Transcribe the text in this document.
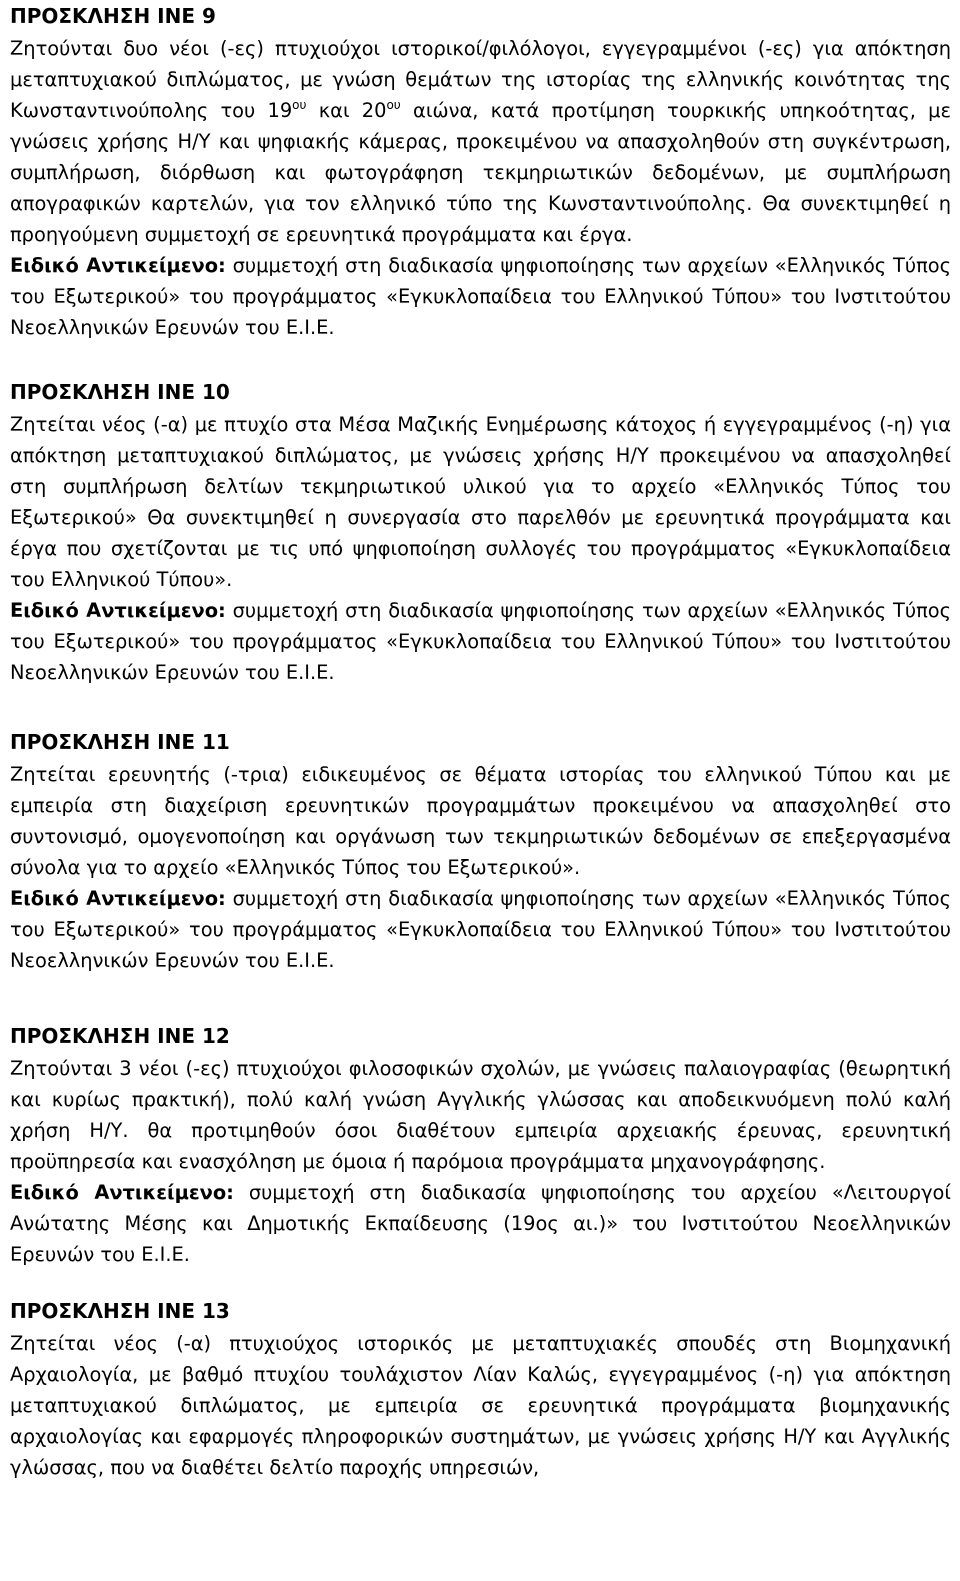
ΠΡΟΣΚΛΗΣΗ ΙΝΕ 9

Ζητούνται δυο νέοι (-ες) πτυχιούχοι ιστορικοί/φιλόλογοι, εγγεγραμμένοι (-ες) για απόκτηση μεταπτυχιακού διπλώματος, με γνώση θεμάτων της ιστορίας της ελληνικής κοινότητας της Κωνσταντινούπολης του $19^{o\upsilon}$ και $20^{o\upsilon}$ αιώνα, κατά προτίμηση τουρκικής υπηκοότητας, με γνώσεις χρήσης Η/Υ και ψηφιακής κάμερας, προκειμένου να απασχοληθούν στη συγκέντρωση, συμπλήρωση, διόρθωση και φωτογράφηση τεκμηριωτικών δεδομένων, με συμπλήρωση απογραφικών καρτελών, για τον ελληνικό τύπο της Κωνσταντινούπολης. Θα συνεκτιμηθεί η προηγούμενη συμμετοχή σε ερευνητικά προγράμματα και έργα.

Ειδικό Αντικείμενο: συμμετοχή στη διαδικασία ψηφιοποίησης των αρχείων «Ελληνικός Τύπος του Εξωτερικού» του προγράμματος «Εγκυκλοπαίδεια του Ελληνικού Τύπου» του Ινστιτούτου Νεοελληνικών Ερευνών του Ε.Ι.Ε.

ΠΡΟΣΚΛΗΣΗ ΙΝΕ 10

Ζητείται νέος (-α) με πτυχίο στα Μέσα Μαζικής Ενημέρωσης κάτοχος ή εγγεγραμμένος (-η) για απόκτηση μεταπτυχιακού διπλώματος, με γνώσεις χρήσης Η/Υ προκειμένου να απασχοληθεί στη συμπλήρωση δελτίων τεκμηριωτικού υλικού για το αρχείο «Ελληνικός Τύπος του Εξωτερικού» Θα συνεκτιμηθεί η συνεργασία στο παρελθόν με ερευνητικά προγράμματα και έργα που σχετίζονται με τις υπό ψηφιοποίηση συλλογές του προγράμματος «Εγκυκλοπαίδεια του Ελληνικού Τύπου».

Ειδικό Αντικείμενο: συμμετοχή στη διαδικασία ψηφιοποίησης των αρχείων «Ελληνικός Τύπος του Εξωτερικού» του προγράμματος «Εγκυκλοπαίδεια του Ελληνικού Τύπου» του Ινστιτούτου Νεοελληνικών Ερευνών του Ε.Ι.Ε.

ΠΡΟΣΚΛΗΣΗ ΙΝΕ 11

Ζητείται ερευνητής (-τρια) ειδικευμένος σε θέματα ιστορίας του ελληνικού Τύπου και με εμπειρία στη διαχείριση ερευνητικών προγραμμάτων προκειμένου να απασχοληθεί στο συντονισμό, ομογενοποίηση και οργάνωση των τεκμηριωτικών δεδομένων σε επεξεργασμένα σύνολα για το αρχείο «Ελληνικός Τύπος του Εξωτερικού».

Ειδικό Αντικείμενο: συμμετοχή στη διαδικασία ψηφιοποίησης των αρχείων «Ελληνικός Τύπος του Εξωτερικού» του προγράμματος «Εγκυκλοπαίδεια του Ελληνικού Τύπου» του Ινστιτούτου Νεοελληνικών Ερευνών του Ε.Ι.Ε.

ΠΡΟΣΚΛΗΣΗ ΙΝΕ 12

Ζητούνται 3 νέοι (-ες) πτυχιούχοι φιλοσοφικών σχολών, με γνώσεις παλαιογραφίας (θεωρητική και κυρίως πρακτική), πολύ καλή γνώση Αγγλικής γλώσσας και αποδεικνυόμενη πολύ καλή χρήση Η/Υ. θα προτιμηθούν όσοι διαθέτουν εμπειρία αρχειακής έρευνας, ερευνητική προϋπηρεσία και ενασχόληση με όμοια ή παρόμοια προγράμματα μηχανογράφησης.

Ειδικό Αντικείμενο: συμμετοχή στη διαδικασία ψηφιοποίησης του αρχείου «Λειτουργοί Ανώτατης Μέσης και Δημοτικής Εκπαίδευσης (19ος αι.)» του Ινστιτούτου Νεοελληνικών Ερευνών του Ε.Ι.Ε.

ΠΡΟΣΚΛΗΣΗ ΙΝΕ 13

Ζητείται νέος (-α) πτυχιούχος ιστορικός με μεταπτυχιακές σπουδές στη Βιομηχανική Αρχαιολογία, με βαθμό πτυχίου τουλάχιστον Λίαν Καλώς, εγγεγραμμένος (-η) για απόκτηση μεταπτυχιακού διπλώματος, με εμπειρία σε ερευνητικά προγράμματα βιομηχανικής αρχαιολογίας και εφαρμογές πληροφορικών συστημάτων, με γνώσεις χρήσης Η/Υ και Αγγλικής γλώσσας, που να διαθέτει δελτίο παροχής υπηρεσιών,
